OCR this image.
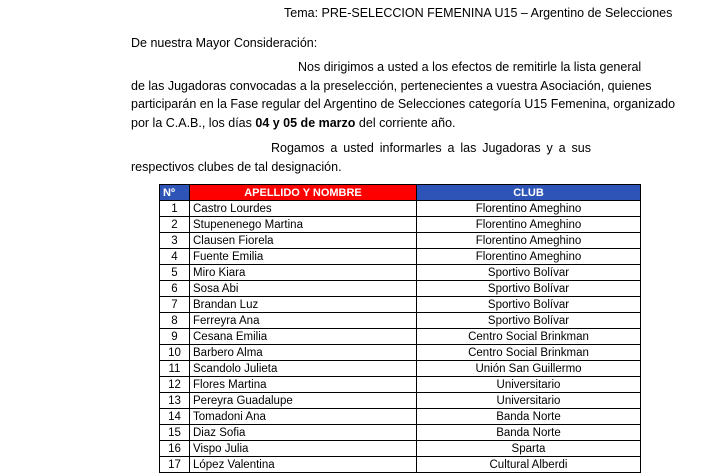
Tema: PRE-SELECCION FEMENINA U15 – Argentino de Selecciones
De nuestra Mayor Consideración:
Nos dirigimos a usted a los efectos de remitirle la lista general
de las Jugadoras convocadas a la preselección, pertenecientes a vuestra Asociación, quienes
participarán en la Fase regular del Argentino de Selecciones categoría U15 Femenina, organizado
por la C.A.B., los días 04 y 05 de marzo del corriente año.
Rogamos a usted informarles a las Jugadoras y a sus
respectivos clubes de tal designación.
Nº	APELLIDO Y NOMBRE	CLUB
1	Castro Lourdes	Florentino Ameghino
2	Stupenenego Martina	Florentino Ameghino
3	Clausen Fiorela	Florentino Ameghino
4	Fuente Emilia	Florentino Ameghino
5	Miro Kiara	Sportivo Bolívar
6	Sosa Abi	Sportivo Bolívar
7	Brandan Luz	Sportivo Bolívar
8	Ferreyra Ana	Sportivo Bolívar
9	Cesana Emilia	Centro Social Brinkman
10	Barbero Alma	Centro Social Brinkman
11	Scandolo Julieta	Unión San Guillermo
12	Flores Martina	Universitario
13	Pereyra Guadalupe	Universitario
14	Tomadoni Ana	Banda Norte
15	Diaz Sofia	Banda Norte
16	Vispo Julia	Sparta
17	López Valentina	Cultural Alberdi
